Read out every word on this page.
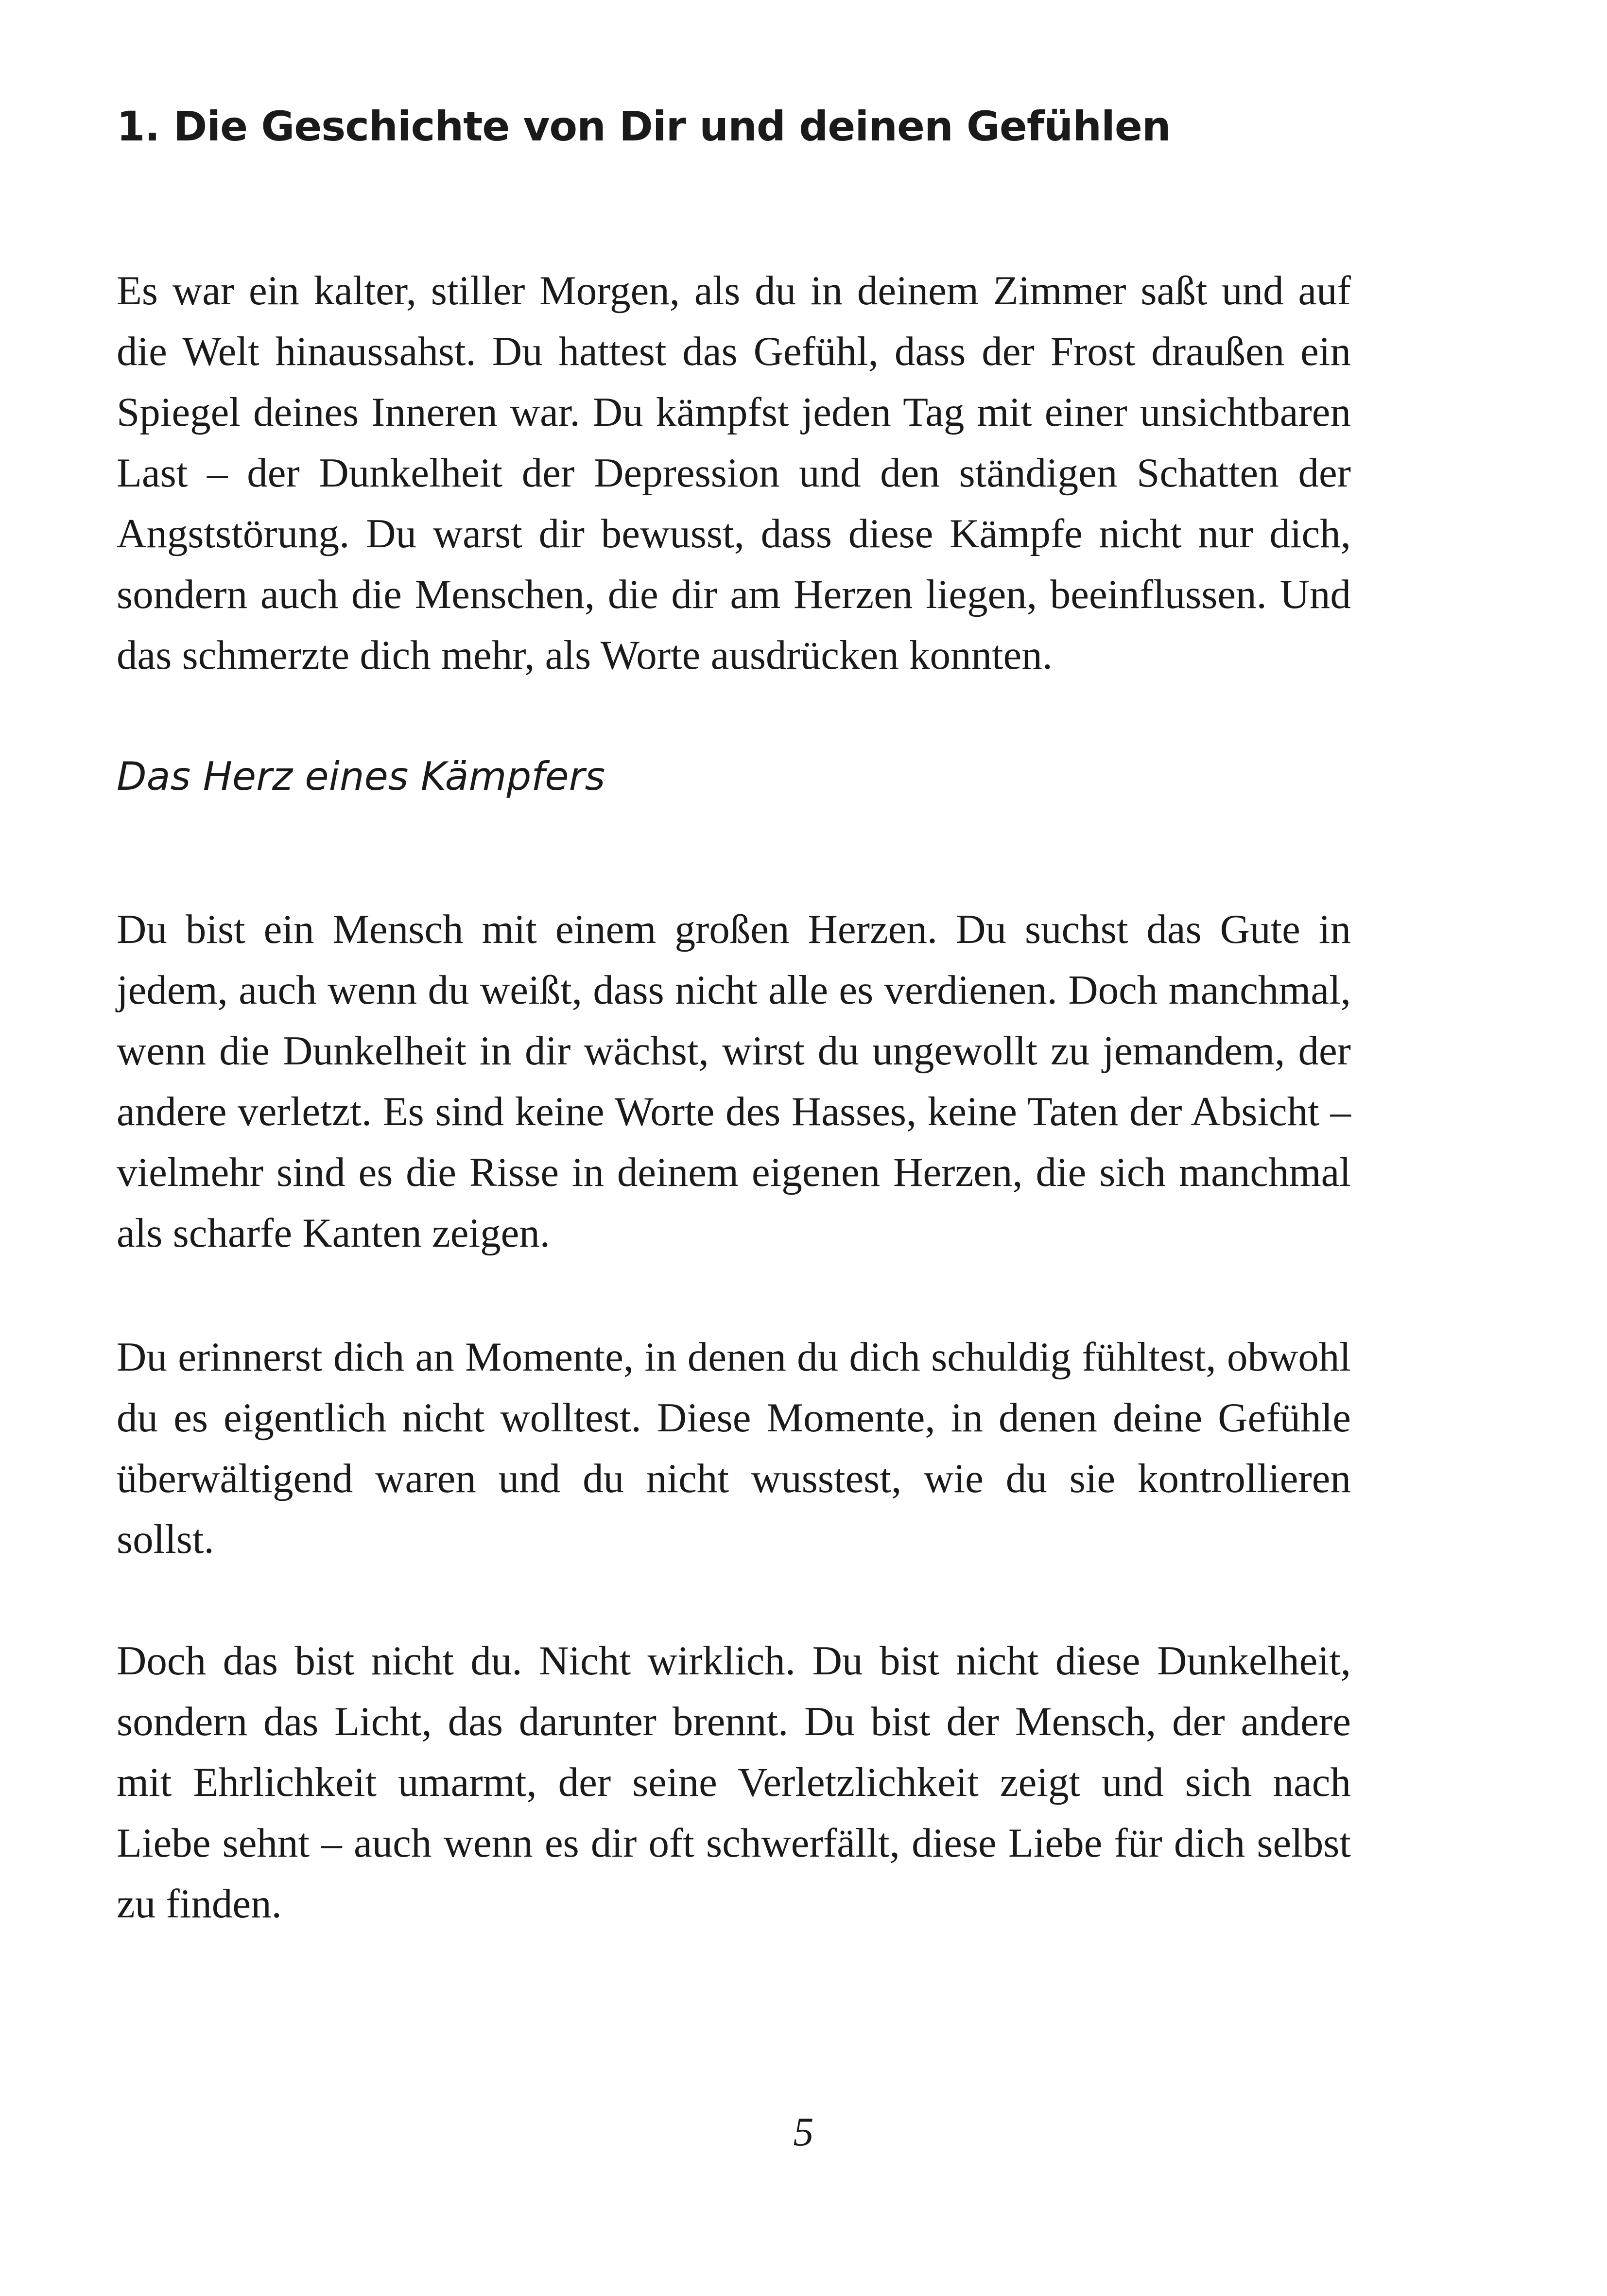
1. Die Geschichte von Dir und deinen Gefühlen

Es war ein kalter, stiller Morgen, als du in deinem Zimmer saßt und auf die Welt hinaussahst. Du hattest das Gefühl, dass der Frost draußen ein Spiegel deines Inneren war. Du kämpfst jeden Tag mit einer unsichtbaren Last – der Dunkelheit der Depression und den ständigen Schatten der Angststörung. Du warst dir bewusst, dass diese Kämpfe nicht nur dich, sondern auch die Menschen, die dir am Herzen liegen, beeinflussen. Und das schmerzte dich mehr, als Worte ausdrücken konnten.

Das Herz eines Kämpfers

Du bist ein Mensch mit einem großen Herzen. Du suchst das Gute in jedem, auch wenn du weißt, dass nicht alle es verdienen. Doch manchmal, wenn die Dunkelheit in dir wächst, wirst du ungewollt zu jemandem, der andere verletzt. Es sind keine Worte des Hasses, keine Taten der Absicht – vielmehr sind es die Risse in deinem eigenen Herzen, die sich manchmal als scharfe Kanten zeigen.

Du erinnerst dich an Momente, in denen du dich schuldig fühltest, obwohl du es eigentlich nicht wolltest. Diese Momente, in denen deine Gefühle überwältigend waren und du nicht wusstest, wie du sie kontrollieren sollst.

Doch das bist nicht du. Nicht wirklich. Du bist nicht diese Dunkelheit, sondern das Licht, das darunter brennt. Du bist der Mensch, der andere mit Ehrlichkeit umarmt, der seine Verletzlichkeit zeigt und sich nach Liebe sehnt – auch wenn es dir oft schwerfällt, diese Liebe für dich selbst zu finden.

5
